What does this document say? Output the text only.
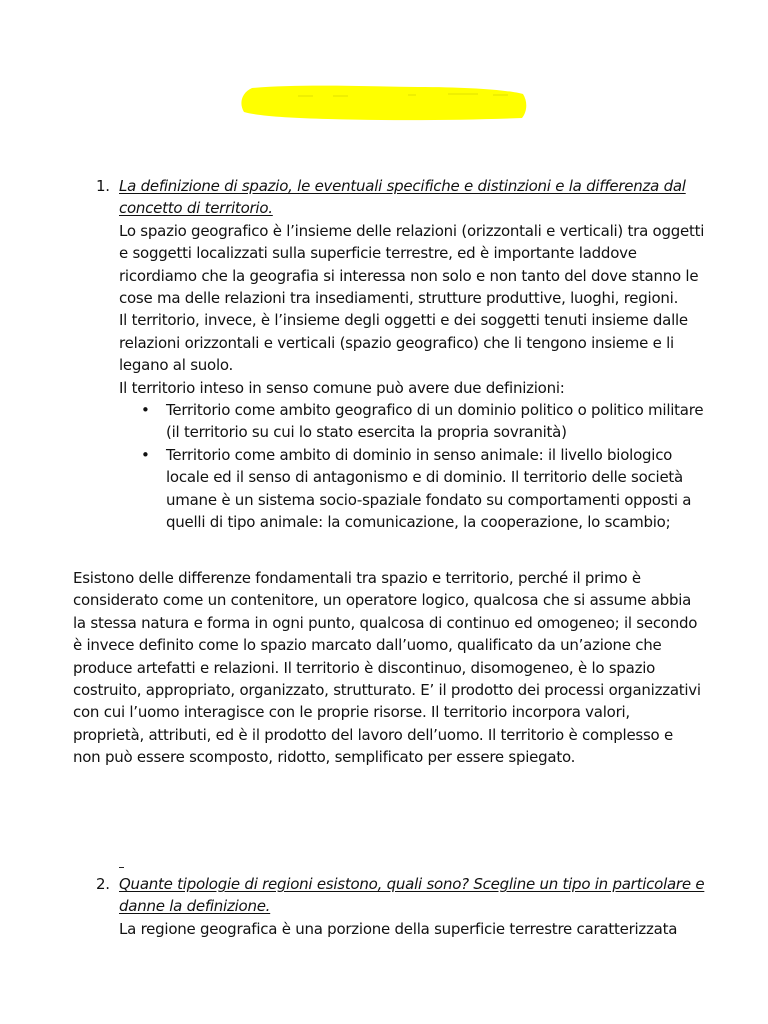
1. La definizione di spazio, le eventuali specifiche e distinzioni e la differenza dal concetto di territorio.

Lo spazio geografico è l’insieme delle relazioni (orizzontali e verticali) tra oggetti e soggetti localizzati sulla superficie terrestre, ed è importante laddove ricordiamo che la geografia si interessa non solo e non tanto del dove stanno le cose ma delle relazioni tra insediamenti, strutture produttive, luoghi, regioni.

Il territorio, invece, è l’insieme degli oggetti e dei soggetti tenuti insieme dalle relazioni orizzontali e verticali (spazio geografico) che li tengono insieme e li legano al suolo.

Il territorio inteso in senso comune può avere due definizioni:

• Territorio come ambito geografico di un dominio politico o politico militare (il territorio su cui lo stato esercita la propria sovranità)
• Territorio come ambito di dominio in senso animale: il livello biologico locale ed il senso di antagonismo e di dominio. Il territorio delle società umane è un sistema socio-spaziale fondato su comportamenti opposti a quelli di tipo animale: la comunicazione, la cooperazione, lo scambio;

Esistono delle differenze fondamentali tra spazio e territorio, perché il primo è considerato come un contenitore, un operatore logico, qualcosa che si assume abbia la stessa natura e forma in ogni punto, qualcosa di continuo ed omogeneo; il secondo è invece definito come lo spazio marcato dall’uomo, qualificato da un’azione che produce artefatti e relazioni. Il territorio è discontinuo, disomogeneo, è lo spazio costruito, appropriato, organizzato, strutturato. E’ il prodotto dei processi organizzativi con cui l’uomo interagisce con le proprie risorse. Il territorio incorpora valori, proprietà, attributi, ed è il prodotto del lavoro dell’uomo. Il territorio è complesso e non può essere scomposto, ridotto, semplificato per essere spiegato.

2. Quante tipologie di regioni esistono, quali sono? Scegline un tipo in particolare e danne la definizione.

La regione geografica è una porzione della superficie terrestre caratterizzata
